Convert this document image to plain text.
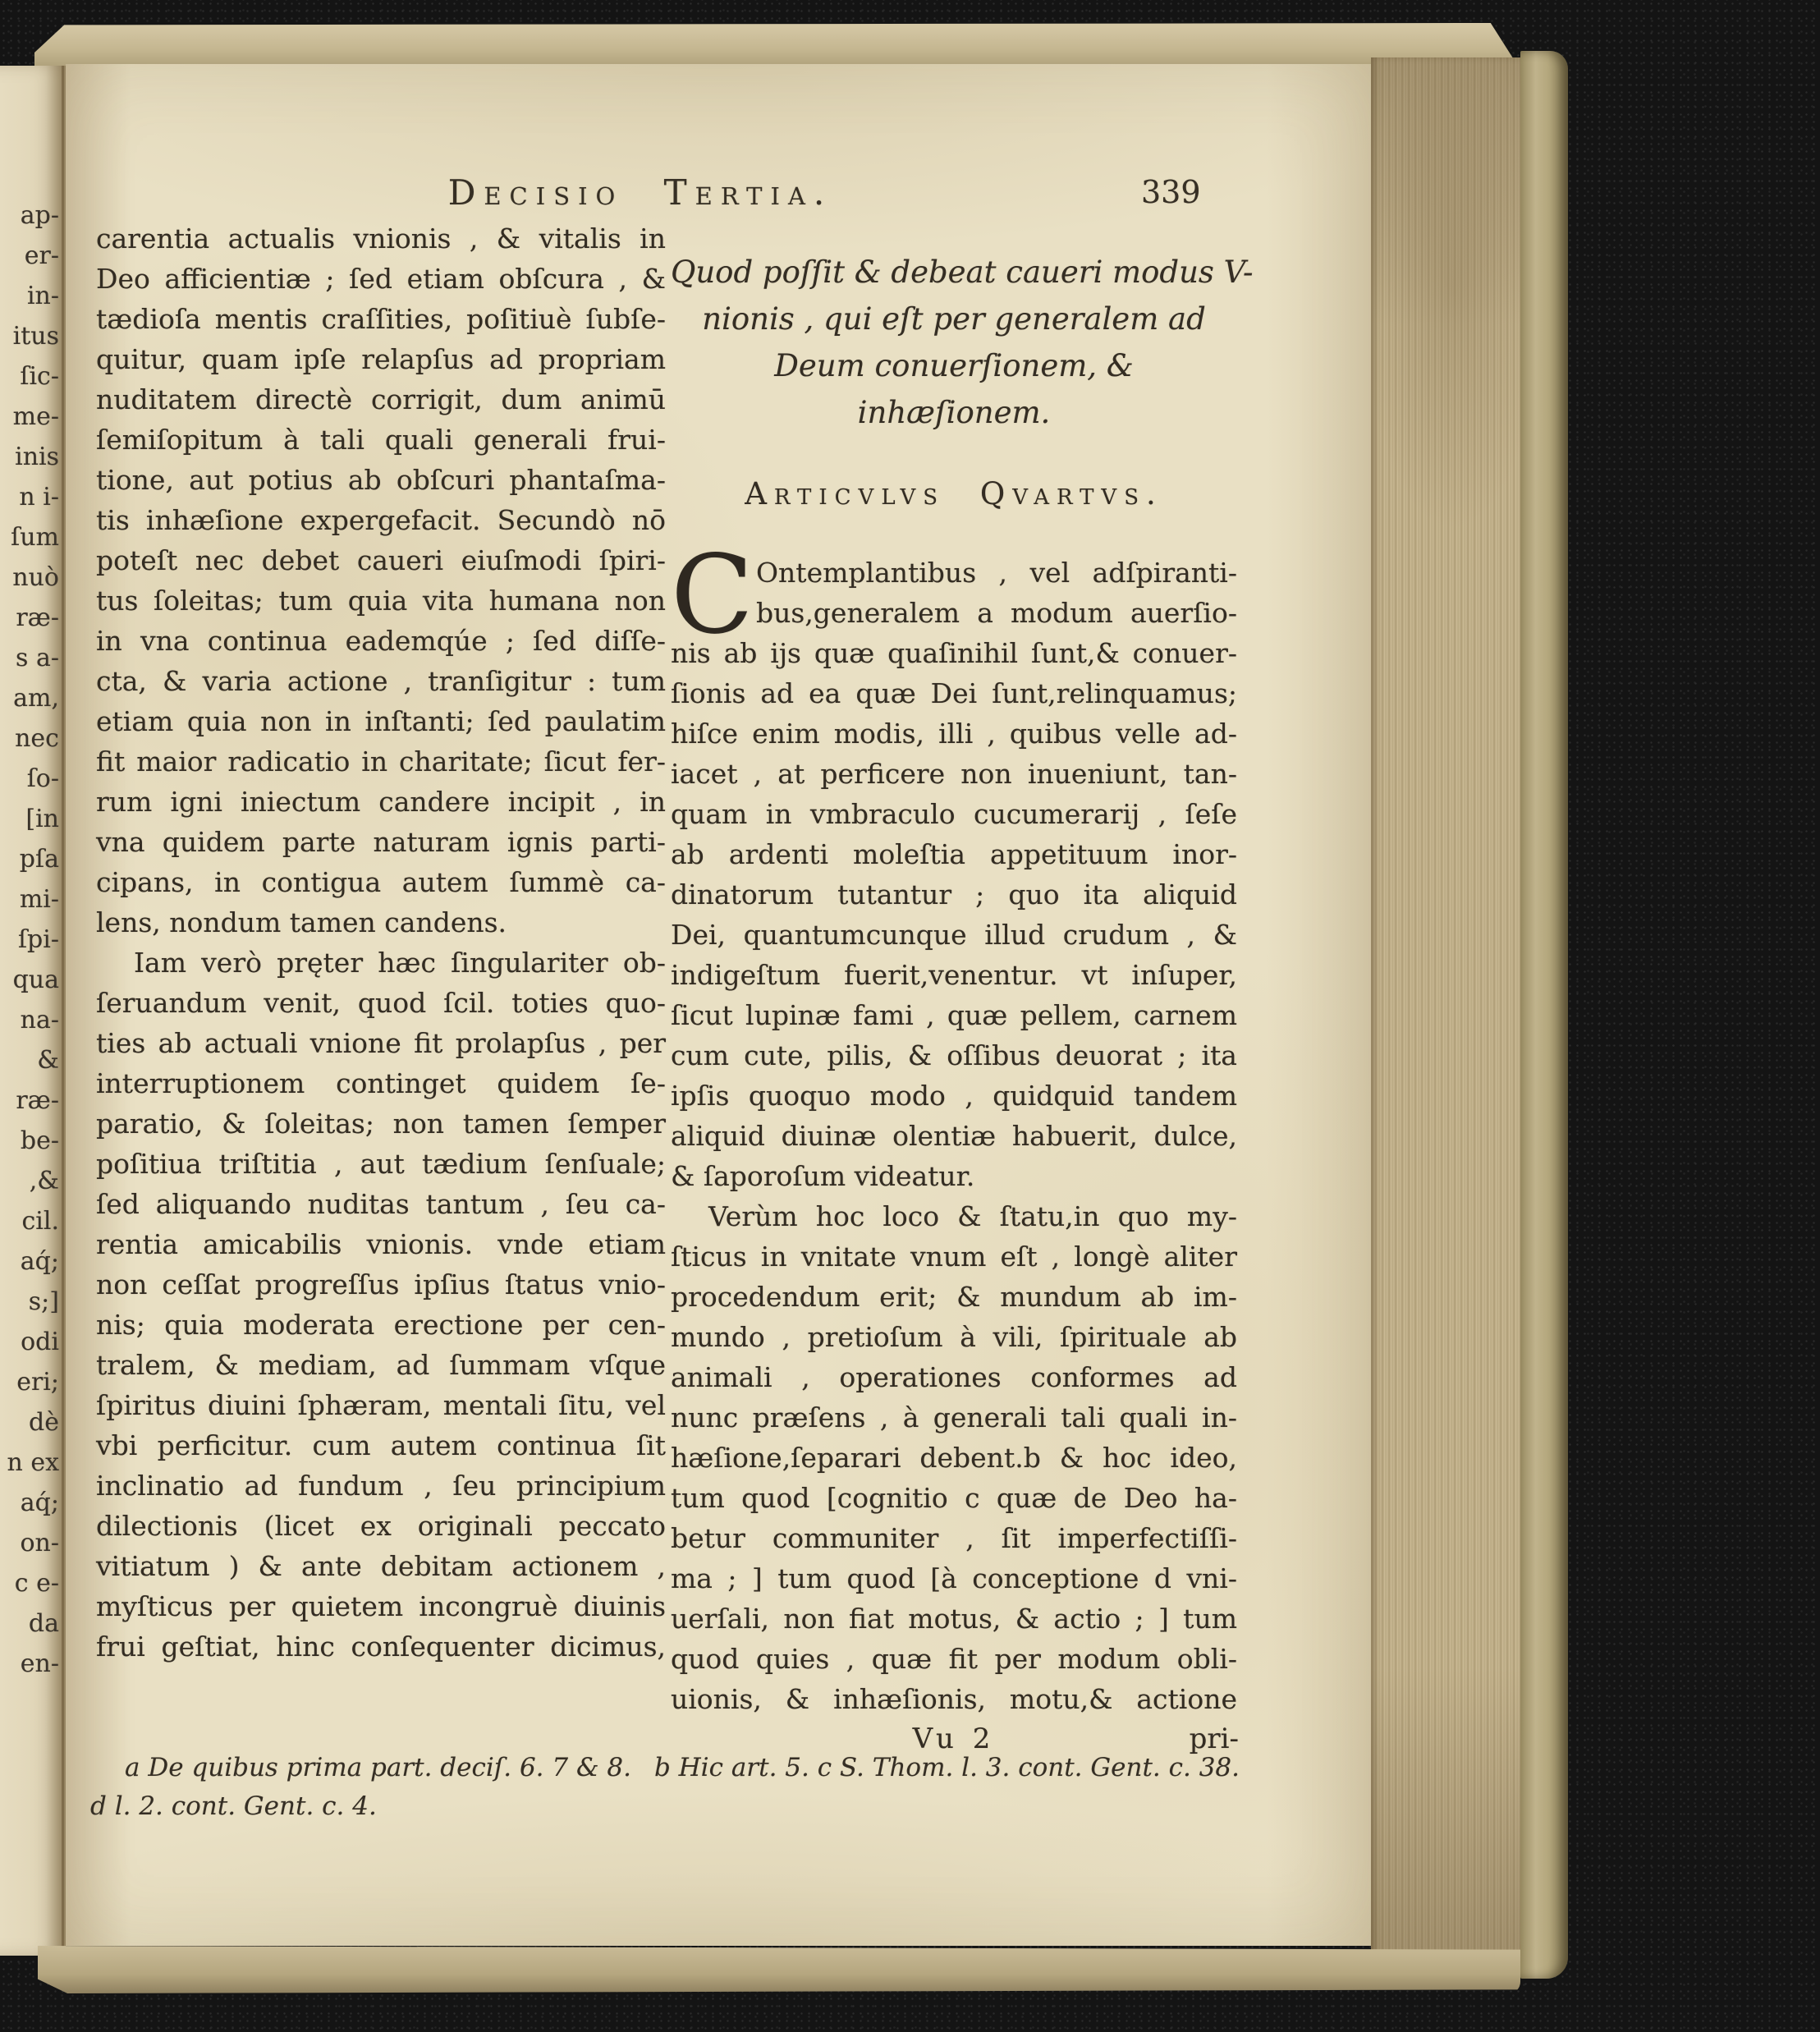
ap-
er-
in-
itus
ſic-
me-
inis
n i-
ſum
nuò
ræ-
s a-
am,
nec
ſo-
[in
pſa
mi-
ſpi-
qua
na-
&
ræ-
be-
,&
cil.
aq́;
s;]
odi
eri;
dè
n ex
aq́;
on-
c e-
da
en-
Decisio Tertia.	339
carentia actualis vnionis , & vitalis in
Deo afficientiæ ; ſed etiam obſcura , &
tædioſa mentis craſſities, poſitiuè ſubſe-
quitur, quam ipſe relapſus ad propriam
nuditatem directè corrigit, dum animū
ſemiſopitum à tali quali generali frui-
tione, aut potius ab obſcuri phantaſma-
tis inhæſione expergefacit. Secundò nō
poteſt nec debet caueri eiuſmodi ſpiri-
tus ſoleitas; tum quia vita humana non
in vna continua eademqúe ; ſed diſſe-
cta, & varia actione , tranſigitur : tum
etiam quia non in inſtanti; ſed paulatim
fit maior radicatio in charitate; ſicut fer-
rum igni iniectum candere incipit , in
vna quidem parte naturam ignis parti-
cipans, in contigua autem ſummè ca-
lens, nondum tamen candens.
Iam verò pręter hæc ſingulariter ob-
ſeruandum venit, quod ſcil. toties quo-
ties ab actuali vnione fit prolapſus , per
interruptionem continget quidem ſe-
paratio, & ſoleitas; non tamen ſemper
poſitiua triſtitia , aut tædium ſenſuale;
ſed aliquando nuditas tantum , ſeu ca-
rentia amicabilis vnionis. vnde etiam
non ceſſat progreſſus ipſius ſtatus vnio-
nis; quia moderata erectione per cen-
tralem, & mediam, ad ſummam vſque
ſpiritus diuini ſphæram, mentali ſitu, vel
vbi perficitur. cum autem continua ſit
inclinatio ad fundum , ſeu principium
dilectionis (licet ex originali peccato
vitiatum ) & ante debitam actionem ,
myſticus per quietem incongruè diuinis
frui geſtiat, hinc conſequenter dicimus,
Quod poſſit & debeat caueri modus V-
nionis , qui eſt per generalem ad
Deum conuerſionem, &
inhæſionem.
Articvlvs Qvartvs.
C Ontemplantibus , vel adſpiranti-
bus,generalem a modum auerſio-
nis ab ijs quæ quaſinihil ſunt,& conuer-
ſionis ad ea quæ Dei ſunt,relinquamus;
hiſce enim modis, illi , quibus velle ad-
iacet , at perficere non inueniunt, tan-
quam in vmbraculo cucumerarij , ſeſe
ab ardenti moleſtia appetituum inor-
dinatorum tutantur ; quo ita aliquid
Dei, quantumcunque illud crudum , &
indigeſtum fuerit,venentur. vt inſuper,
ſicut lupinæ fami , quæ pellem, carnem
cum cute, pilis, & oſſibus deuorat ; ita
ipſis quoquo modo , quidquid tandem
aliquid diuinæ olentiæ habuerit, dulce,
& ſaporoſum videatur.
Verùm hoc loco & ſtatu,in quo my-
ſticus in vnitate vnum eſt , longè aliter
procedendum erit; & mundum ab im-
mundo , pretioſum à vili, ſpirituale ab
animali , operationes conformes ad
nunc præſens , à generali tali quali in-
hæſione,ſeparari debent.b & hoc ideo,
tum quod [cognitio c quæ de Deo ha-
betur communiter , ſit imperfectiſſi-
ma ; ] tum quod [à conceptione d vni-
uerſali, non fiat motus, & actio ; ] tum
quod quies , quæ fit per modum obli-
uionis, & inhæſionis, motu,& actione
Vu 2	pri-
a De quibus prima part. deciſ. 6. 7 & 8. b Hic art. 5. c S. Thom. l. 3. cont. Gent. c. 38.
d l. 2. cont. Gent. c. 4.
